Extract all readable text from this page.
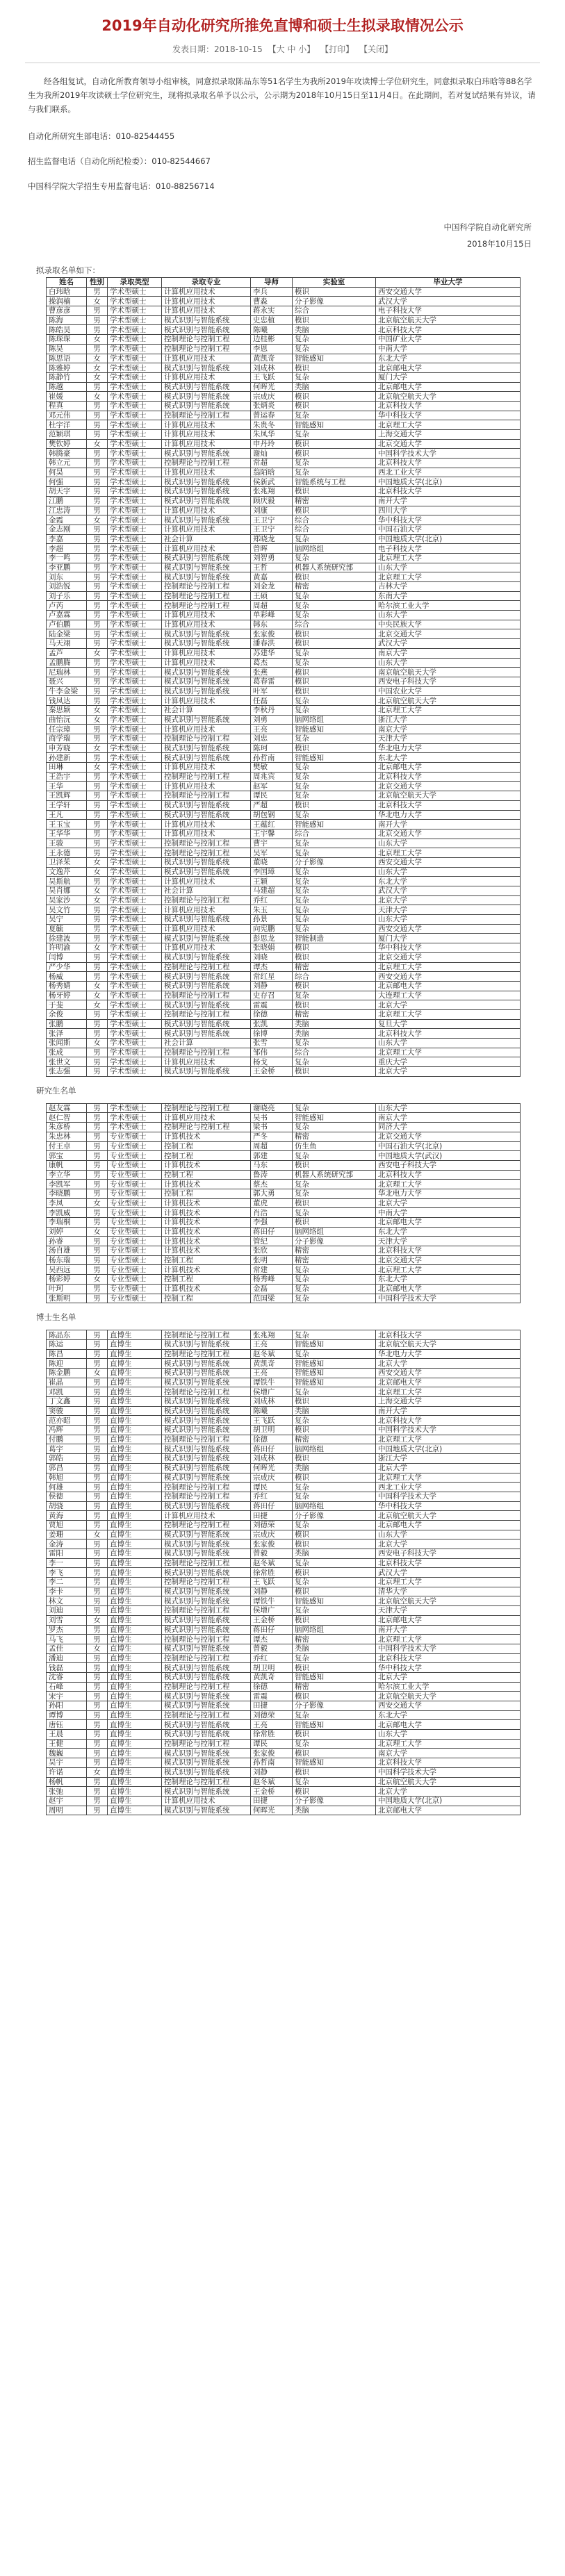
2019年自动化研究所推免直博和硕士生拟录取情况公示
发表日期：2018-10-15 【大 中 小】 【打印】 【关闭】

经各组复试，自动化所教育领导小组审核，同意拟录取陈品东等51名学生为我所2019年攻读博士学位研究生，同意拟录取白玮晗等88名学生为我所2019年攻读硕士学位研究生，现将拟录取名单予以公示，公示期为2018年10月15日至11月4日。在此期间，若对复试结果有异议，请与我们联系。

自动化所研究生部电话：010-82544455
招生监督电话（自动化所纪检委）：010-82544667
中国科学院大学招生专用监督电话：010-88256714
中国科学院自动化研究所
2018年10月15日
拟录取名单如下：
姓名	性别	录取类型	录取专业	导师	实验室	毕业大学
白玮晗	男	学术型硕士	计算机应用技术	李兵	模识	西安交通大学
操润楠	女	学术型硕士	计算机应用技术	曹淼	分子影像	武汉大学
曹彦彦	男	学术型硕士	计算机应用技术	蒋永实	综合	电子科技大学
陈海	男	学术型硕士	模式识别与智能系统	史忠植	模识	北京航空航天大学
陈皓昊	男	学术型硕士	模式识别与智能系统	陈曦	类脑	北京科技大学
陈琛琛	女	学术型硕士	控制理论与控制工程	边桂彬	复杂	中国矿业大学
陈昊	男	学术型硕士	控制理论与控制工程	李恩	复杂	中南大学
陈思语	女	学术型硕士	计算机应用技术	黄凯奇	智能感知	东北大学
陈雅婷	女	学术型硕士	模式识别与智能系统	刘成林	模识	北京邮电大学
陈静竹	女	学术型硕士	计算机应用技术	王飞跃	复杂	厦门大学
陈越	男	学术型硕士	模式识别与智能系统	何晖光	类脑	北京邮电大学
崔媛	女	学术型硕士	模式识别与智能系统	宗成庆	模识	北京航空航天大学
程真	男	学术型硕士	模式识别与智能系统	张炳炎	模识	北京科技大学
邓元伟	男	学术型硕士	控制理论与控制工程	曾运春	复杂	华中科技大学
杜宇洋	男	学术型硕士	计算机应用技术	朱贵冬	智能感知	北京理工大学
范颖琪	男	学术型硕士	计算机应用技术	朱凤华	复杂	上海交通大学
樊钦婷	女	学术型硕士	计算机应用技术	申丹玲	模识	北京交通大学
韩腾豪	男	学术型硕士	模式识别与智能系统	谢灿	模识	中国科学技术大学
韩立元	男	学术型硕士	控制理论与控制工程	常超	复杂	北京科技大学
何昊	男	学术型硕士	计算机应用技术	翁陌晗	复杂	西北工业大学
何强	男	学术型硕士	模式识别与智能系统	侯新武	智能系统与工程	中国地质大学(北京)
胡天宇	男	学术型硕士	模式识别与智能系统	张兆翔	模识	北京科技大学
江鹏	男	学术型硕士	模式识别与智能系统	顾庆毅	精密	南开大学
江忠涛	男	学术型硕士	计算机应用技术	刘康	模识	四川大学
金霞	女	学术型硕士	模式识别与智能系统	王卫宁	综合	华中科技大学
金志刚	男	学术型硕士	计算机应用技术	王卫宁	综合	中国石油大学
李嘉	男	学术型硕士	社会计算	郑晓龙	复杂	中国地质大学(北京)
李超	男	学术型硕士	计算机应用技术	曾晖	脑网络组	电子科技大学
李一鸣	男	学术型硕士	模式识别与智能系统	刘智勇	复杂	北京理工大学
李亚鹏	男	学术型硕士	模式识别与智能系统	王哲	机器人系统研究部	山东大学
刘东	男	学术型硕士	模式识别与智能系统	黄嘉	模识	北京理工大学
刘浩锐	男	学术型硕士	控制理论与控制工程	刘金龙	精密	吉林大学
刘子乐	男	学术型硕士	控制理论与控制工程	王硕	复杂	东南大学
卢芮	男	学术型硕士	控制理论与控制工程	周超	复杂	哈尔滨工业大学
卢嘉霖	男	学术型硕士	计算机应用技术	单彩峰	复杂	山东大学
卢伯鹏	男	学术型硕士	计算机应用技术	韩东	综合	中央民族大学
陆金梁	男	学术型硕士	模式识别与智能系统	张家俊	模识	北京交通大学
马天翊	男	学术型硕士	模式识别与智能系统	潘春洪	模识	武汉大学
孟芦	女	学术型硕士	计算机应用技术	苏建华	复杂	南京大学
孟鹏腾	男	学术型硕士	计算机应用技术	葛杰	复杂	山东大学
尼瑞林	男	学术型硕士	模式识别与智能系统	张燕	模识	南京航空航天大学
聂兴	男	学术型硕士	模式识别与智能系统	葛春雷	模识	西安电子科技大学
牛李金梁	男	学术型硕士	模式识别与智能系统	叶军	模识	中国农业大学
钱凤达	男	学术型硕士	计算机应用技术	任磊	复杂	北京航空航天大学
秦思颖	女	学术型硕士	社会计算	李秋丹	复杂	北京理工大学
曲怡沅	女	学术型硕士	模式识别与智能系统	刘勇	脑网络组	浙江大学
任宗璋	男	学术型硕士	计算机应用技术	王亮	智能感知	南京大学
商学瑞	男	学术型硕士	控制理论与控制工程	刘忠	复杂	天津大学
申芳晓	女	学术型硕士	模式识别与智能系统	陈珂	模识	华北电力大学
孙建新	男	学术型硕士	模式识别与智能系统	孙哲南	智能感知	东北大学
田琳	女	学术型硕士	计算机应用技术	樊敏	复杂	北京邮电大学
王浩宇	男	学术型硕士	控制理论与控制工程	周兆宾	复杂	北京科技大学
王华	男	学术型硕士	计算机应用技术	赵军	复杂	北京交通大学
王凯辉	男	学术型硕士	控制理论与控制工程	谭民	复杂	北京航空航天大学
王学轩	男	学术型硕士	模式识别与智能系统	严超	模识	北京科技大学
王凡	男	学术型硕士	模式识别与智能系统	胡包钢	复杂	华北电力大学
王玉宝	男	学术型硕士	计算机应用技术	王蕴红	智能感知	南开大学
王华华	男	学术型硕士	计算机应用技术	王宇馨	综合	北京交通大学
王骏	男	学术型硕士	控制理论与控制工程	曹宇	复杂	山东大学
王永德	男	学术型硕士	控制理论与控制工程	吴军	复杂	北京理工大学
卫泽茱	女	学术型硕士	模式识别与智能系统	董晓	分子影像	西安交通大学
文逸芹	女	学术型硕士	模式识别与智能系统	李国璋	复杂	山东大学
吴斯航	男	学术型硕士	计算机应用技术	王颖	复杂	东北大学
吴肖娜	女	学术型硕士	社会计算	马建超	复杂	武汉大学
吴家沙	女	学术型硕士	控制理论与控制工程	乔红	复杂	北京大学
吴文竹	男	学术型硕士	计算机应用技术	朱玉	复杂	天津大学
吴宁	男	学术型硕士	模式识别与智能系统	孙景	复杂	山东大学
夏毓	男	学术型硕士	计算机应用技术	向宪鹏	复杂	西安交通大学
徐建波	男	学术型硕士	模式识别与智能系统	彭思龙	智能制造	厦门大学
许明渝	女	学术型硕士	计算机应用技术	张晓娟	模识	华中科技大学
闫博	男	学术型硕士	模式识别与智能系统	刘晓	模识	北京交通大学
严少华	男	学术型硕士	控制理论与控制工程	谭杰	精密	北京理工大学
杨威	男	学术型硕士	模式识别与智能系统	常红星	综合	西安交通大学
杨秀婧	女	学术型硕士	模式识别与智能系统	刘静	模识	北京邮电大学
杨牙婷	女	学术型硕士	控制理论与控制工程	史存召	复杂	大连理工大学
于斐	女	学术型硕士	模式识别与智能系统	雷震	模识	北京大学
余俊	男	学术型硕士	控制理论与控制工程	徐德	精密	北京理工大学
张鹏	男	学术型硕士	模式识别与智能系统	张凯	类脑	复旦大学
张泽	男	学术型硕士	模式识别与智能系统	徐博	类脑	北京科技大学
张闻斯	女	学术型硕士	社会计算	张雪	复杂	山东大学
张成	男	学术型硕士	控制理论与控制工程	邹伟	综合	北京理工大学
张世文	男	学术型硕士	计算机应用技术	杨戈	复杂	重庆大学
张志强	男	学术型硕士	模式识别与智能系统	王金桥	模识	北京大学
研究生名单
赵友霖	男	学术型硕士	控制理论与控制工程	谢晓亮	复杂	山东大学
赵仁智	男	学术型硕士	计算机应用技术	吴书	智能感知	南京大学
朱彦桥	男	学术型硕士	控制理论与控制工程	梁书	复杂	同济大学
朱忠林	男	专业型硕士	计算机技术	严冬	精密	北京交通大学
付王卓	男	专业型硕士	控制工程	周超	仿生鱼	中国石油大学(北京)
郭宝	男	专业型硕士	控制工程	郭建	复杂	中国地质大学(武汉)
康帆	男	专业型硕士	计算机技术	马东	模识	西安电子科技大学
李立华	男	专业型硕士	控制工程	鲁涛	机器人系统研究部	北京科技大学
李凯军	男	专业型硕士	计算机技术	蔡杰	复杂	北京理工大学
李晓鹏	男	专业型硕士	控制工程	郭大勇	复杂	华北电力大学
李凤	女	专业型硕士	计算机技术	董虎	模识	北京大学
李凯威	男	专业型硕士	计算机技术	肖浩	复杂	中南大学
李瑞桐	男	专业型硕士	计算机技术	李强	模识	北京邮电大学
刘婷	女	专业型硕士	计算机技术	蒋田仔	脑网络组	东北大学
孙睿	男	专业型硕士	计算机技术	管纪	分子影像	天津大学
汤自雄	男	专业型硕士	计算机技术	张欣	精密	北京科技大学
杨东瑞	男	专业型硕士	控制工程	张明	精密	北京交通大学
吴西远	男	专业型硕士	计算机技术	常建	复杂	北京理工大学
杨彩婷	女	专业型硕士	控制工程	杨秀峰	复杂	东北大学
叶珂	男	专业型硕士	计算机技术	金磊	复杂	北京邮电大学
张斯明	男	专业型硕士	控制工程	范国梁	复杂	中国科学技术大学
博士生名单
陈品东	男	直博生	控制理论与控制工程	张兆翔	复杂	北京科技大学
陈运	男	直博生	模式识别与智能系统	王亮	智能感知	北京航空航天大学
陈昌	男	直博生	控制理论与控制工程	赵冬斌	复杂	华北电力大学
陈迎	男	直博生	模式识别与智能系统	黄凯奇	智能感知	北京大学
陈金鹏	女	直博生	模式识别与智能系统	王亮	智能感知	西安交通大学
崔晶	男	直博生	模式识别与智能系统	谭铁牛	智能感知	北京邮电大学
邓凯	男	直博生	控制理论与控制工程	侯增广	复杂	北京理工大学
丁文鑫	男	直博生	模式识别与智能系统	刘成林	模识	上海交通大学
窦骏	男	直博生	模式识别与智能系统	陈曦	类脑	南开大学
范亦昭	男	直博生	模式识别与智能系统	王飞跃	复杂	北京科技大学
冯辉	男	直博生	模式识别与智能系统	胡卫明	模识	中国科学技术大学
付鹏	男	直博生	控制理论与控制工程	徐德	精密	北京理工大学
葛宇	男	直博生	模式识别与智能系统	蒋田仔	脑网络组	中国地质大学(北京)
郭皓	男	直博生	模式识别与智能系统	刘成林	模识	浙江大学
郭昌	男	直博生	模式识别与智能系统	何晖光	类脑	北京大学
韩旭	男	直博生	模式识别与智能系统	宗成庆	模识	北京理工大学
何雄	男	直博生	控制理论与控制工程	谭民	复杂	西北工业大学
侯德	男	直博生	控制理论与控制工程	乔红	复杂	中国科学技术大学
胡骁	男	直博生	模式识别与智能系统	蒋田仔	脑网络组	华中科技大学
黄海	男	直博生	计算机应用技术	田捷	分子影像	北京航空航天大学
贾旭	男	直博生	控制理论与控制工程	刘德荣	复杂	北京邮电大学
姜珊	女	直博生	模式识别与智能系统	宗成庆	模识	山东大学
金涛	男	直博生	模式识别与智能系统	张家俊	模识	北京大学
雷阳	男	直博生	模式识别与智能系统	曾毅	类脑	西安电子科技大学
李一	男	直博生	控制理论与控制工程	赵冬斌	复杂	北京科技大学
李飞	男	直博生	模式识别与智能系统	徐常胜	模识	武汉大学
李二	男	直博生	控制理论与控制工程	王飞跃	复杂	北京理工大学
李卡	男	直博生	模式识别与智能系统	刘静	模识	清华大学
林文	男	直博生	模式识别与智能系统	谭铁牛	智能感知	北京航空航天大学
刘迪	男	直博生	控制理论与控制工程	侯增广	复杂	天津大学
刘雪	女	直博生	模式识别与智能系统	王金桥	模识	北京邮电大学
罗杰	男	直博生	模式识别与智能系统	蒋田仔	脑网络组	南开大学
马飞	男	直博生	控制理论与控制工程	谭杰	精密	北京理工大学
孟佳	女	直博生	模式识别与智能系统	曾毅	类脑	中国科学技术大学
潘迪	男	直博生	控制理论与控制工程	乔红	复杂	北京科技大学
钱磊	男	直博生	模式识别与智能系统	胡卫明	模识	华中科技大学
沈睿	男	直博生	模式识别与智能系统	黄凯奇	智能感知	北京大学
石峰	男	直博生	控制理论与控制工程	徐德	精密	哈尔滨工业大学
宋宇	男	直博生	模式识别与智能系统	雷震	模识	北京航空航天大学
孙阳	男	直博生	模式识别与智能系统	田捷	分子影像	西安交通大学
谭博	男	直博生	控制理论与控制工程	刘德荣	复杂	东北大学
唐钰	男	直博生	模式识别与智能系统	王亮	智能感知	北京邮电大学
王晨	男	直博生	模式识别与智能系统	徐常胜	模识	山东大学
王健	男	直博生	控制理论与控制工程	谭民	复杂	北京理工大学
魏巍	男	直博生	模式识别与智能系统	张家俊	模识	南京大学
吴宇	男	直博生	模式识别与智能系统	孙哲南	智能感知	北京科技大学
许诺	女	直博生	模式识别与智能系统	刘静	模识	中国科学技术大学
杨帆	男	直博生	控制理论与控制工程	赵冬斌	复杂	北京航空航天大学
张弛	男	直博生	模式识别与智能系统	王金桥	模识	北京大学
赵宇	男	直博生	计算机应用技术	田捷	分子影像	中国地质大学(北京)
周明	男	直博生	模式识别与智能系统	何晖光	类脑	北京邮电大学
